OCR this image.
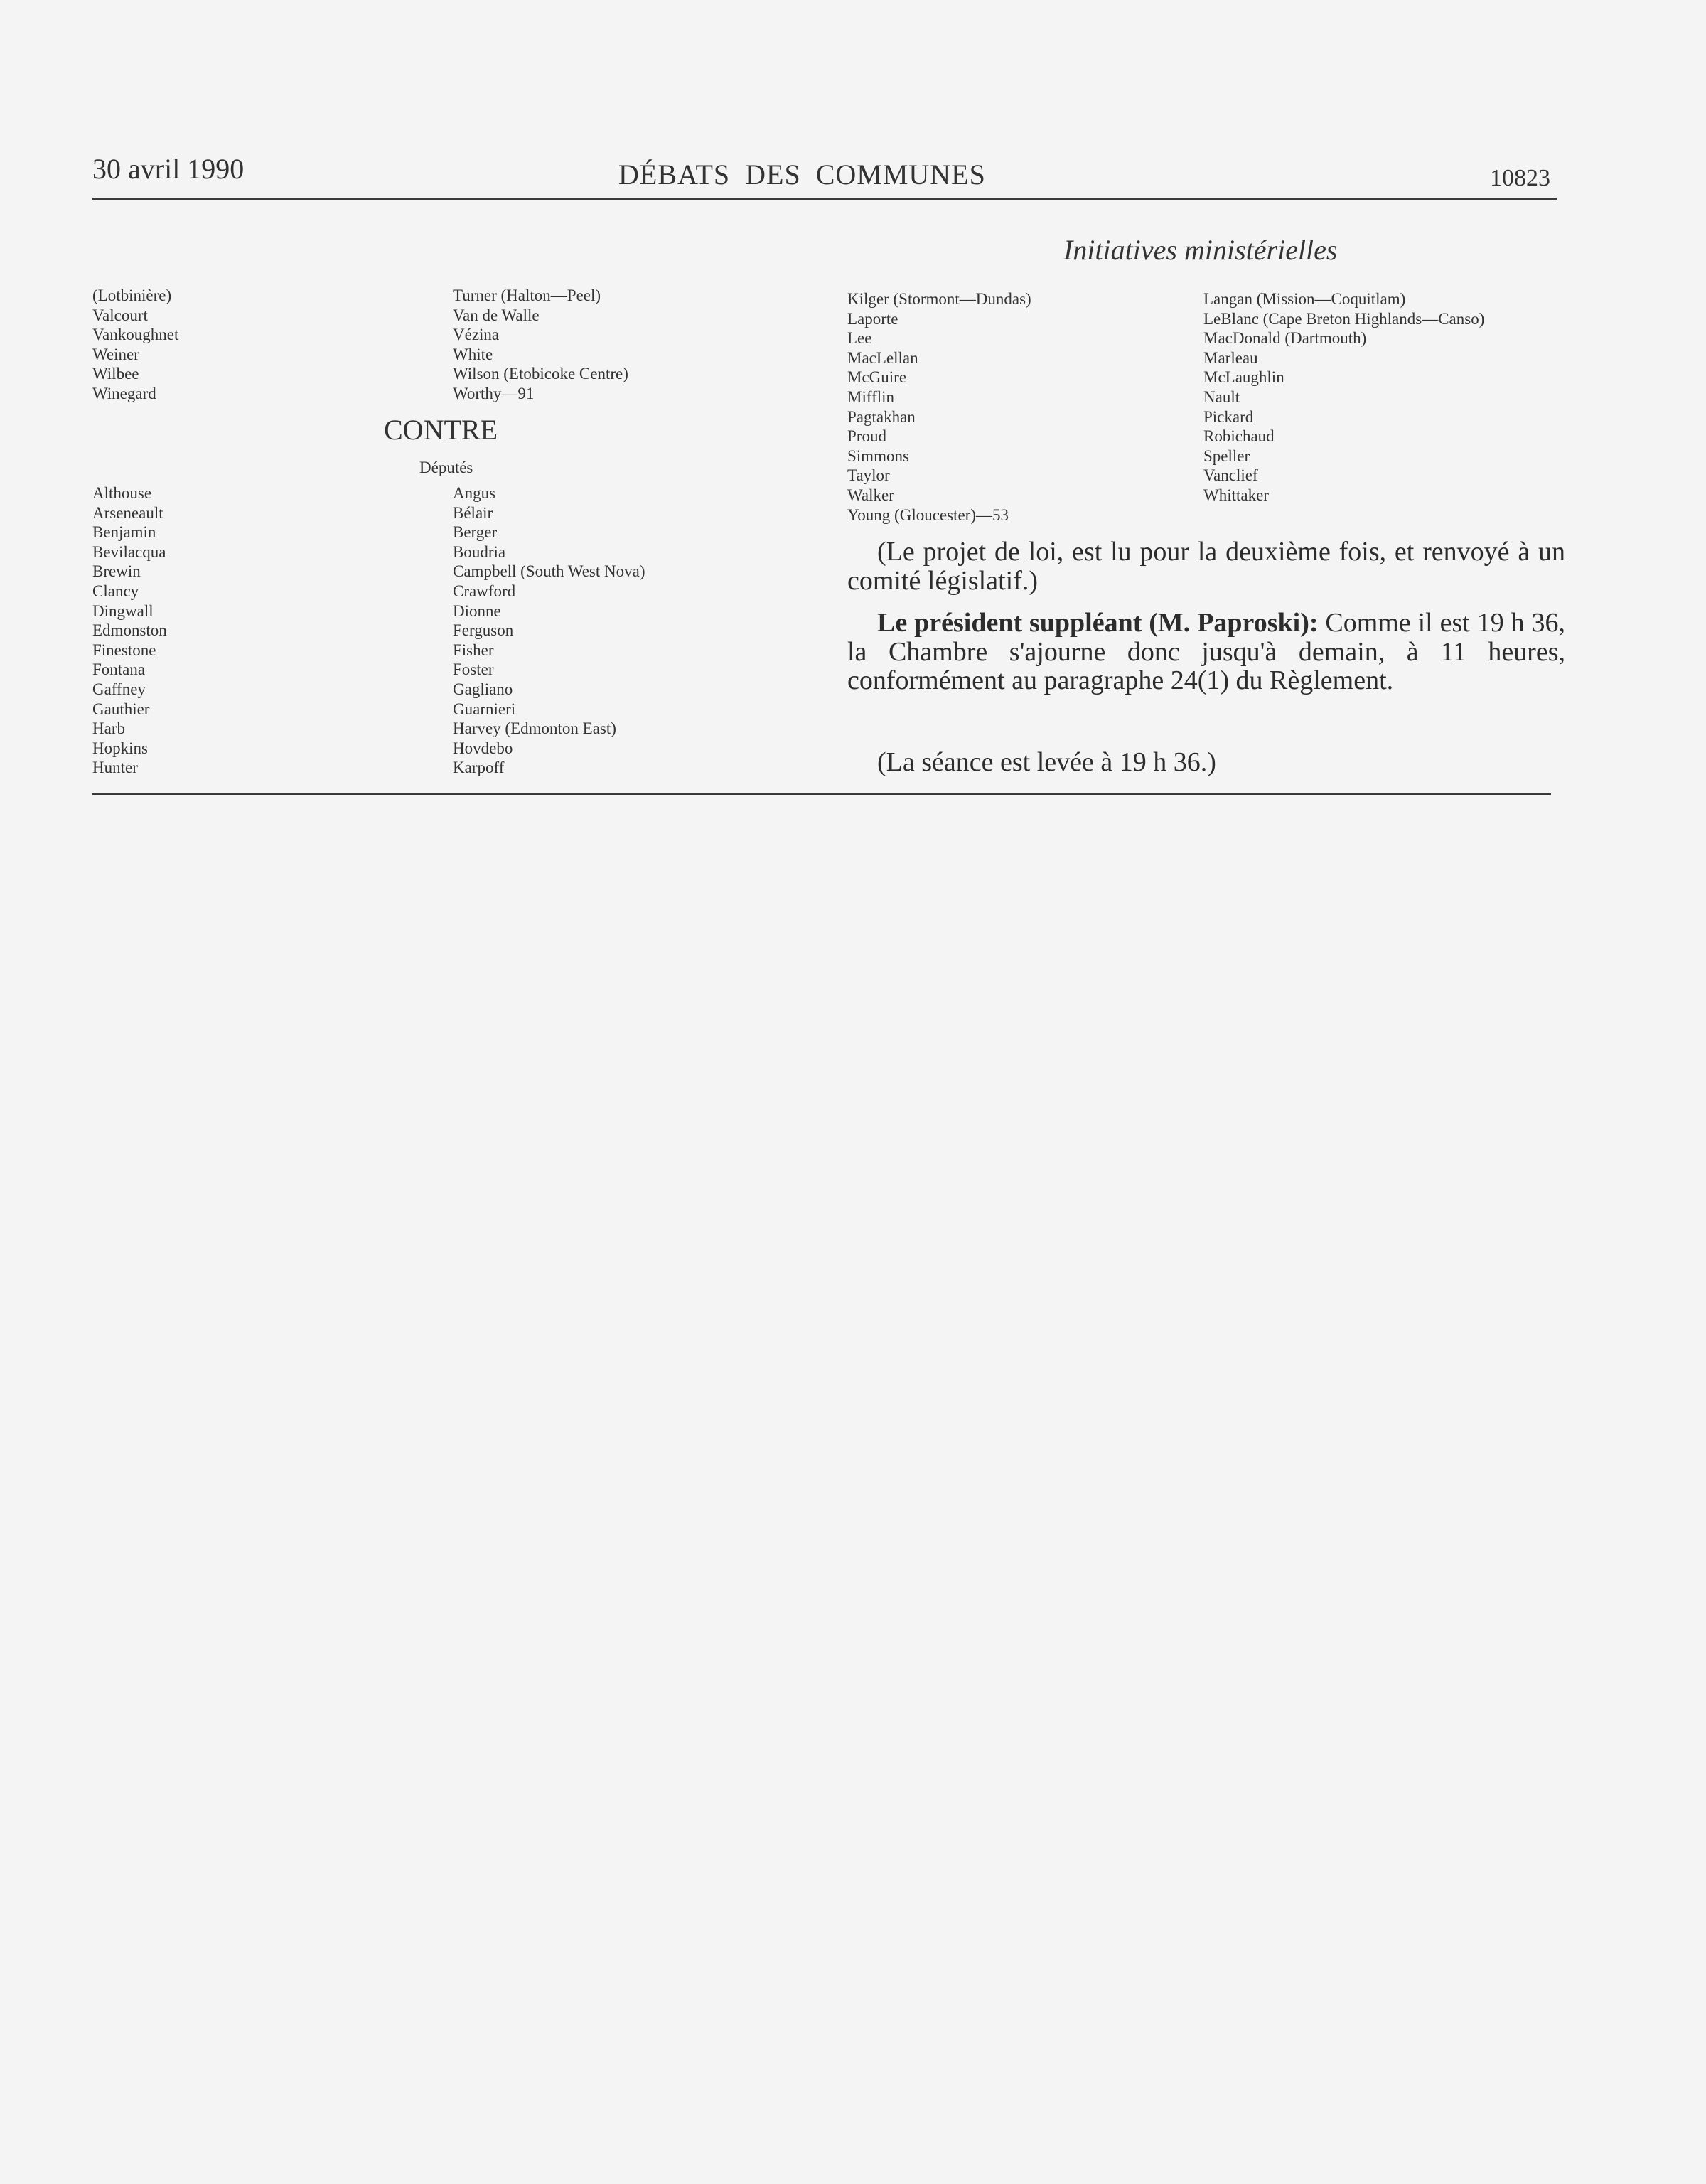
30 avril 1990	DÉBATS DES COMMUNES	10823
Initiatives ministérielles
(Lotbinière)
Valcourt
Vankoughnet
Weiner
Wilbee
Winegard
Turner (Halton—Peel)
Van de Walle
Vézina
White
Wilson (Etobicoke Centre)
Worthy—91
CONTRE
Députés
Althouse
Arseneault
Benjamin
Bevilacqua
Brewin
Clancy
Dingwall
Edmonston
Finestone
Fontana
Gaffney
Gauthier
Harb
Hopkins
Hunter
Angus
Bélair
Berger
Boudria
Campbell (South West Nova)
Crawford
Dionne
Ferguson
Fisher
Foster
Gagliano
Guarnieri
Harvey (Edmonton East)
Hovdebo
Karpoff
Kilger (Stormont—Dundas)
Laporte
Lee
MacLellan
McGuire
Mifflin
Pagtakhan
Proud
Simmons
Taylor
Walker
Young (Gloucester)—53
Langan (Mission—Coquitlam)
LeBlanc (Cape Breton Highlands—Canso)
MacDonald (Dartmouth)
Marleau
McLaughlin
Nault
Pickard
Robichaud
Speller
Vanclief
Whittaker

(Le projet de loi, est lu pour la deuxième fois, et renvoyé à un comité législatif.)

Le président suppléant (M. Paproski): Comme il est 19 h 36, la Chambre s'ajourne donc jusqu'à demain, à 11 heures, conformément au paragraphe 24(1) du Règlement.

(La séance est levée à 19 h 36.)
